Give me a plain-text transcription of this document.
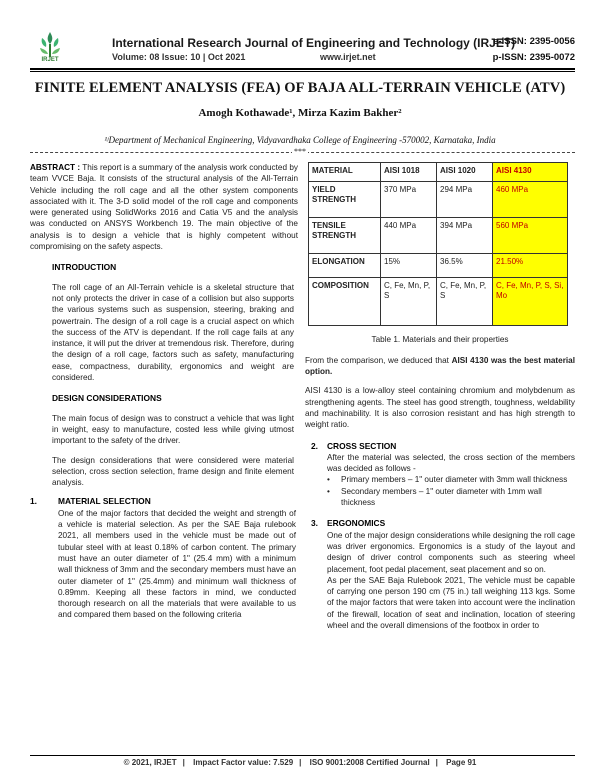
IRJET
International Research Journal of Engineering and Technology (IRJET)
Volume: 08 Issue: 10 | Oct 2021	www.irjet.net
e-ISSN: 2395-0056
p-ISSN: 2395-0072
FINITE ELEMENT ANALYSIS (FEA) OF BAJA ALL-TERRAIN VEHICLE (ATV)
Amogh Kothawade¹, Mirza Kazim Bakher²
¹ʲDepartment of Mechanical Engineering, Vidyavardhaka College of Engineering -570002, Karnataka, India
***
ABSTRACT : This report is a summary of the analysis work conducted by team VVCE Baja. It consists of the structural analysis of the All-Terrain Vehicle including the roll cage and all the other system components associated with it. The 3-D solid model of the roll cage and components were generated using SolidWorks 2016 and Catia V5 and the analysis was conducted on ANSYS Workbench 19. The main objective of the analysis is to design a vehicle that is highly competent without compromising on the safety aspects.
INTRODUCTION
The roll cage of an All-Terrain vehicle is a skeletal structure that not only protects the driver in case of a collision but also supports the various systems such as suspension, steering, braking and powertrain. The design of a roll cage is a crucial aspect on which the success of the ATV is dependant. If the roll cage fails at any instance, it will put the driver at tremendous risk. Therefore, during the design of a roll cage, factors such as safety, manufacturing ease, compactness, durability, ergonomics and weight are considered.
DESIGN CONSIDERATIONS
The main focus of design was to construct a vehicle that was light in weight, easy to manufacture, costed less while giving utmost important to the safety of the driver.
The design considerations that were considered were material selection, cross section selection, frame design and finite element analysis.
1.	MATERIAL SELECTION
One of the major factors that decided the weight and strength of a vehicle is material selection. As per the SAE Baja rulebook 2021, all members used in the vehicle must be made out of tubular steel with at least 0.18% of carbon content. The primary must have an outer diameter of 1" (25.4 mm) with a minimum wall thickness of 3mm and the secondary members must have an outer diameter of 1" (25.4mm) and minimum wall thickness of 0.89mm. Keeping all these factors in mind, we conducted thorough research on all the materials that were available to us and compared them based on the following criteria
MATERIAL	AISI 1018	AISI 1020	AISI 4130
YIELD STRENGTH	370 MPa	294 MPa	460 MPa
TENSILE STRENGTH	440 MPa	394 MPa	560 MPa
ELONGATION	15%	36.5%	21.50%
COMPOSITION	C, Fe, Mn, P, S	C, Fe, Mn, P, S	C, Fe, Mn, P, S, Si, Mo
Table 1. Materials and their properties
From the comparison, we deduced that AISI 4130 was the best material option.
AISI 4130 is a low-alloy steel containing chromium and molybdenum as strengthening agents. The steel has good strength, toughness, weldability and machinability. It is also corrosion resistant and has high strength to weight ratio.
2. CROSS SECTION
After the material was selected, the cross section of the members was decided as follows -
• Primary members – 1" outer diameter with 3mm wall thickness
• Secondary members – 1" outer diameter with 1mm wall thickness
3. ERGONOMICS
One of the major design considerations while designing the roll cage was driver ergonomics. Ergonomics is a study of the layout and design of driver control components such as steering wheel placement, foot pedal placement, seat placement and so on.
As per the SAE Baja Rulebook 2021, The vehicle must be capable of carrying one person 190 cm (75 in.) tall weighing 113 kgs. Some of the major factors that were taken into account were the inclination of the firewall, location of seat and inclination, location of steering wheel and the overall dimensions of the footbox in order to
© 2021, IRJET | Impact Factor value: 7.529 | ISO 9001:2008 Certified Journal | Page 91
